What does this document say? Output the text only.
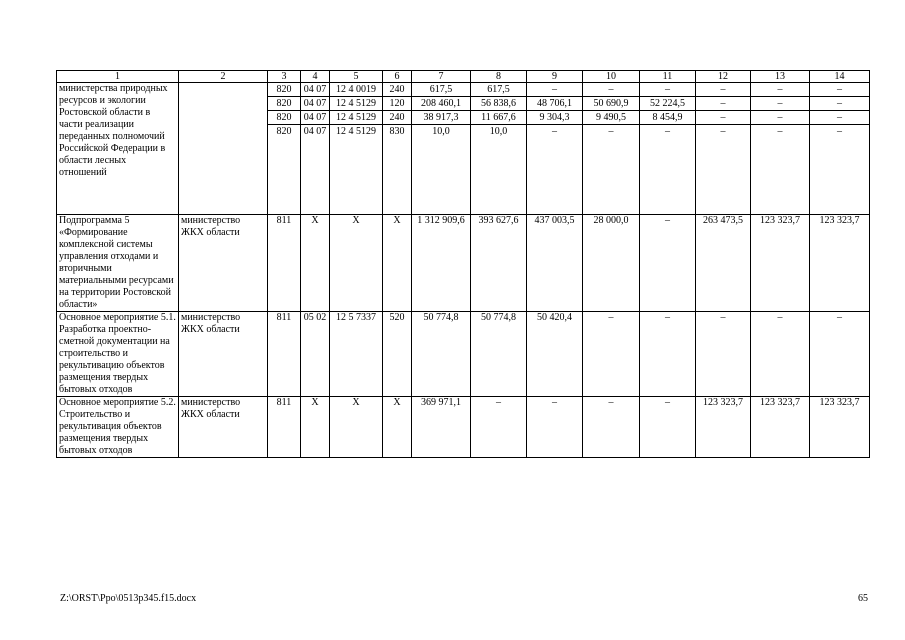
1	2	3	4	5	6	7	8	9	10	11	12	13	14
министерства природных ресурсов и экологии Ростовской области в части реализации переданных полномочий Российской Федерации в области лесных отношений		820	04 07	12 4 0019	240	617,5	617,5	–	–	–	–	–	–
		820	04 07	12 4 5129	120	208 460,1	56 838,6	48 706,1	50 690,9	52 224,5	–	–	–
		820	04 07	12 4 5129	240	38 917,3	11 667,6	9 304,3	9 490,5	8 454,9	–	–	–
		820	04 07	12 4 5129	830	10,0	10,0	–	–	–	–	–	–
Подпрограмма 5 «Формирование комплексной системы управления отходами и вторичными материальными ресурсами на территории Ростовской области»	министерство ЖКХ области	811	Х	Х	Х	1 312 909,6	393 627,6	437 003,5	28 000,0	–	263 473,5	123 323,7	123 323,7
Основное мероприятие 5.1. Разработка проектно-сметной документации на строительство и рекультивацию объектов размещения твердых бытовых отходов	министерство ЖКХ области	811	05 02	12 5 7337	520	50 774,8	50 774,8	50 420,4	–	–	–	–	–
Основное мероприятие 5.2. Строительство и рекультивация объектов размещения твердых бытовых отходов	министерство ЖКХ области	811	Х	Х	Х	369 971,1	–	–	–	–	123 323,7	123 323,7	123 323,7
Z:\ORST\Ppo\0513p345.f15.docx	65
